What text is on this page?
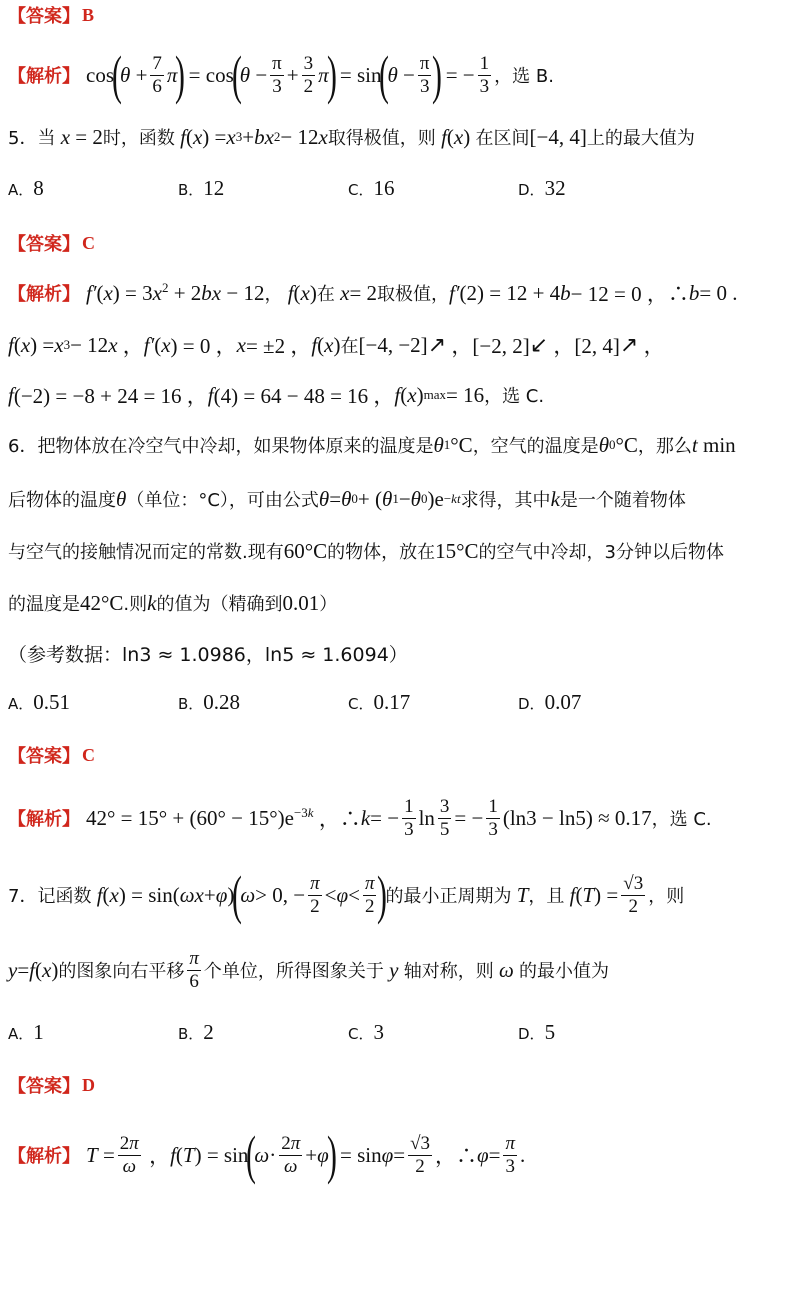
【答案】 B
【解析】 cos
(
$\theta + \frac{7}{6}$ π
)
= cos
(
$\theta - \frac{\pi}{3} + \frac{3}{2}$ π
)
= sin
(
$\theta - \frac{\pi}{3}$ )
= − $\frac{1}{3}$ ，选 B.
5． 当
x = 2 时，函数
f ( x ) = x 3 + bx 2 − 12 x 取得极值，则
f ( x ) 在区间 [−4, 4] 上的最大值为
A．8	B．12	C．16	D．32
【答案】 C
【解析】 $f'(x) = 3x^2 + 2bx - 12$ ，
f ( x ) 在
x = 2 取极值， f′ (2) = 12 + 4 b − 12 = 0 ，∴ b = 0 .
f ( x ) = x 3 − 12 x ， f′ ( x ) = 0 ， x = ±2 ， f ( x ) 在 [−4, −2] ↗ ，[−2, 2] ↙ ，[2, 4] ↗ ，
f (−2) = −8 + 24 = 16 ， f (4) = 64 − 48 = 16 ， f ( x ) max = 16 ，选 C.
6． 把物体放在冷空气中冷却，如果物体原来的温度是 θ 1 °C ，空气的温度是 θ 0 °C ，那么 t min
后物体的温度 θ （单位：°C），可由公式 θ = θ 0 + ( θ 1 − θ 0 )e −kt 求得，其中 k 是一个随着物体
与空气的接触情况而定的常数.现有 60°C 的物体，放在 15°C 的空气中冷却，3分钟以后物体
的温度是 42°C .则 k 的值为（精确到 0.01 ）
（参考数据：ln3 ≈ 1.0986，ln5 ≈ 1.6094）
A．0.51	B．0.28	C．0.17	D．0.07
【答案】 C
【解析】 $42^\circ = 15^\circ + (60^\circ - 15^\circ)e^{-3k}$ ，∴ k = − $\frac{1}{3}$ $\ln \frac{3}{5}$ = − $\frac{1}{3} (\ln 3 - \ln 5) \approx 0.17$ ，选 C.
7． 记函数
f ( x ) = sin( ωx + φ )
(
ω > 0, − $\frac{\pi}{2} < \varphi < \frac{\pi}{2}$ )
的最小正周期为
T ，且
f ( T ) = $\frac{√3}{2}$ ，则
y = f ( x ) 的图象向右平移 $\frac{\pi}{6}$ 个单位，所得图象关于
y
轴对称，则
ω
的最小值为
A．1	B．2	C．3	D．5
【答案】 D
【解析】 $T = \frac{2\pi}{\omega}$ ， f ( T ) = sin
(
$\omega \cdot \frac{2\pi}{\omega} + \varphi$
)
= $\sin \varphi = \frac{√3}{2}$ ，∴ $\varphi = \frac{\pi}{3}$ .
